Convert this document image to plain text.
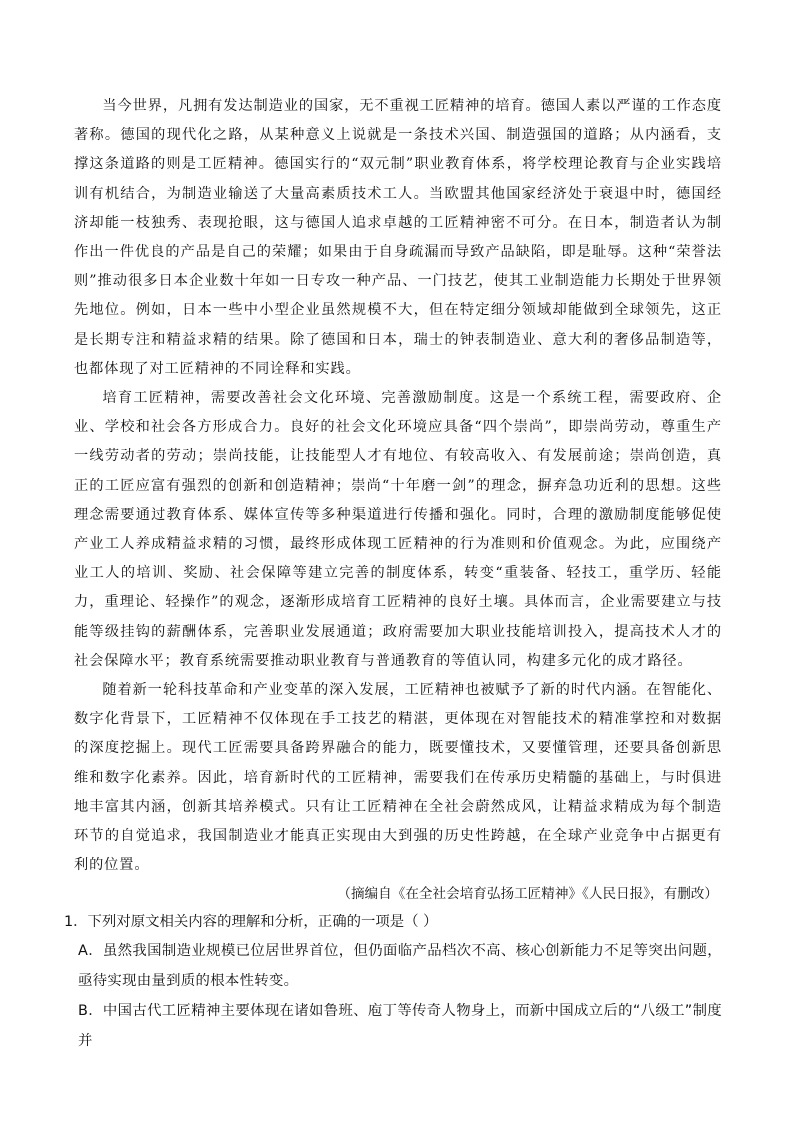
当今世界，凡拥有发达制造业的国家，无不重视工匠精神的培育。德国人素以严谨的工作态度著称。德国的现代化之路，从某种意义上说就是一条技术兴国、制造强国的道路；从内涵看，支撑这条道路的则是工匠精神。德国实行的“双元制”职业教育体系，将学校理论教育与企业实践培训有机结合，为制造业输送了大量高素质技术工人。当欧盟其他国家经济处于衰退中时，德国经济却能一枝独秀、表现抢眼，这与德国人追求卓越的工匠精神密不可分。在日本，制造者认为制作出一件优良的产品是自己的荣耀；如果由于自身疏漏而导致产品缺陷，即是耻辱。这种“荣誉法则”推动很多日本企业数十年如一日专攻一种产品、一门技艺，使其工业制造能力长期处于世界领先地位。例如，日本一些中小型企业虽然规模不大，但在特定细分领域却能做到全球领先，这正是长期专注和精益求精的结果。除了德国和日本，瑞士的钟表制造业、意大利的奢侈品制造等，也都体现了对工匠精神的不同诠释和实践。

培育工匠精神，需要改善社会文化环境、完善激励制度。这是一个系统工程，需要政府、企业、学校和社会各方形成合力。良好的社会文化环境应具备“四个崇尚”，即崇尚劳动，尊重生产一线劳动者的劳动；崇尚技能，让技能型人才有地位、有较高收入、有发展前途；崇尚创造，真正的工匠应富有强烈的创新和创造精神；崇尚“十年磨一剑”的理念，摒弃急功近利的思想。这些理念需要通过教育体系、媒体宣传等多种渠道进行传播和强化。同时，合理的激励制度能够促使产业工人养成精益求精的习惯，最终形成体现工匠精神的行为准则和价值观念。为此，应围绕产业工人的培训、奖励、社会保障等建立完善的制度体系，转变“重装备、轻技工，重学历、轻能力，重理论、轻操作”的观念，逐渐形成培育工匠精神的良好土壤。具体而言，企业需要建立与技能等级挂钩的薪酬体系，完善职业发展通道；政府需要加大职业技能培训投入，提高技术人才的社会保障水平；教育系统需要推动职业教育与普通教育的等值认同，构建多元化的成才路径。

随着新一轮科技革命和产业变革的深入发展，工匠精神也被赋予了新的时代内涵。在智能化、数字化背景下，工匠精神不仅体现在手工技艺的精湛，更体现在对智能技术的精准掌控和对数据的深度挖掘上。现代工匠需要具备跨界融合的能力，既要懂技术，又要懂管理，还要具备创新思维和数字化素养。因此，培育新时代的工匠精神，需要我们在传承历史精髓的基础上，与时俱进地丰富其内涵，创新其培养模式。只有让工匠精神在全社会蔚然成风，让精益求精成为每个制造环节的自觉追求，我国制造业才能真正实现由大到强的历史性跨越，在全球产业竞争中占据更有利的位置。

（摘编自《在全社会培育弘扬工匠精神》《人民日报》，有删改）

1．下列对原文相关内容的理解和分析，正确的一项是（ ）

A．虽然我国制造业规模已位居世界首位，但仍面临产品档次不高、核心创新能力不足等突出问题，亟待实现由量到质的根本性转变。

B．中国古代工匠精神主要体现在诸如鲁班、庖丁等传奇人物身上，而新中国成立后的“八级工”制度并
